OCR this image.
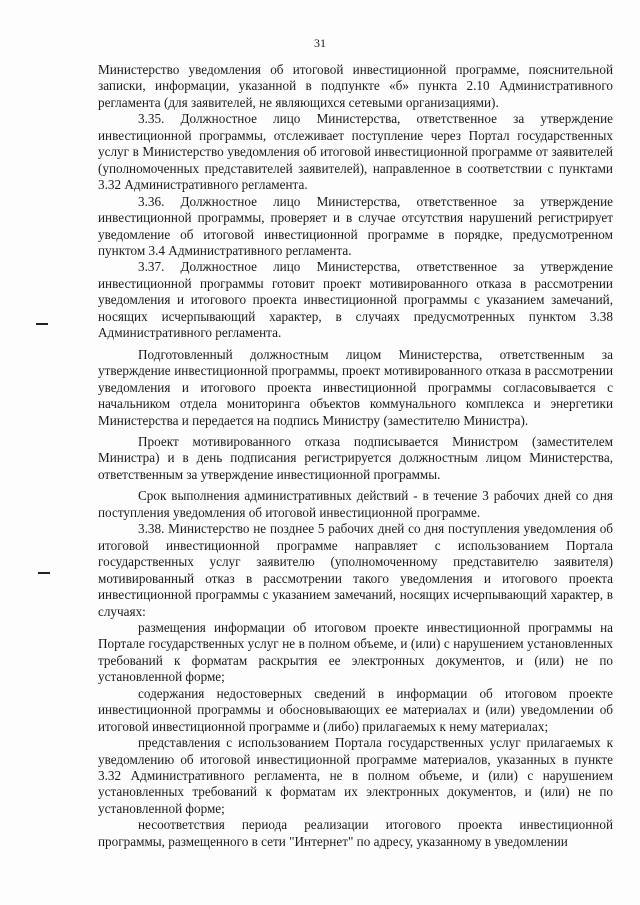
31

Министерство уведомления об итоговой инвестиционной программе, пояснительной записки, информации, указанной в подпункте «б» пункта 2.10 Административного регламента (для заявителей, не являющихся сетевыми организациями).

3.35. Должностное лицо Министерства, ответственное за утверждение инвестиционной программы, отслеживает поступление через Портал государственных услуг в Министерство уведомления об итоговой инвестиционной программе от заявителей (уполномоченных представителей заявителей), направленное в соответствии с пунктами 3.32 Административного регламента.

3.36. Должностное лицо Министерства, ответственное за утверждение инвестиционной программы, проверяет и в случае отсутствия нарушений регистрирует уведомление об итоговой инвестиционной программе в порядке, предусмотренном пунктом 3.4 Административного регламента.

3.37. Должностное лицо Министерства, ответственное за утверждение инвестиционной программы готовит проект мотивированного отказа в рассмотрении уведомления и итогового проекта инвестиционной программы с указанием замечаний, носящих исчерпывающий характер, в случаях предусмотренных пунктом 3.38 Административного регламента.

Подготовленный должностным лицом Министерства, ответственным за утверждение инвестиционной программы, проект мотивированного отказа в рассмотрении уведомления и итогового проекта инвестиционной программы согласовывается с начальником отдела мониторинга объектов коммунального комплекса и энергетики Министерства и передается на подпись Министру (заместителю Министра).

Проект мотивированного отказа подписывается Министром (заместителем Министра) и в день подписания регистрируется должностным лицом Министерства, ответственным за утверждение инвестиционной программы.

Срок выполнения административных действий - в течение 3 рабочих дней со дня поступления уведомления об итоговой инвестиционной программе.

3.38. Министерство не позднее 5 рабочих дней со дня поступления уведомления об итоговой инвестиционной программе направляет с использованием Портала государственных услуг заявителю (уполномоченному представителю заявителя) мотивированный отказ в рассмотрении такого уведомления и итогового проекта инвестиционной программы с указанием замечаний, носящих исчерпывающий характер, в случаях:

размещения информации об итоговом проекте инвестиционной программы на Портале государственных услуг не в полном объеме, и (или) с нарушением установленных требований к форматам раскрытия ее электронных документов, и (или) не по установленной форме;

содержания недостоверных сведений в информации об итоговом проекте инвестиционной программы и обосновывающих ее материалах и (или) уведомлении об итоговой инвестиционной программе и (либо) прилагаемых к нему материалах;

представления с использованием Портала государственных услуг прилагаемых к уведомлению об итоговой инвестиционной программе материалов, указанных в пункте 3.32 Административного регламента, не в полном объеме, и (или) с нарушением установленных требований к форматам их электронных документов, и (или) не по установленной форме;

несоответствия периода реализации итогового проекта инвестиционной программы, размещенного в сети "Интернет" по адресу, указанному в уведомлении
